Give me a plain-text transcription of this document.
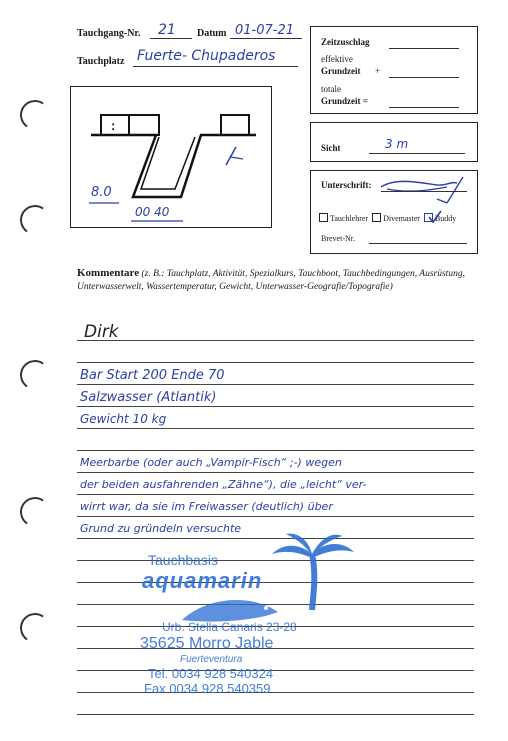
Tauchgang-Nr. 21 Datum 01-07-21
Tauchplatz Fuerte- Chupaderos
Zeitzuschlag
effektive
Grundzeit +
totale
Grundzeit =
:
8.0
00 40
Sicht	3 m
Unterschrift:
Tauchlehrer Divemaster Buddy
Brevet-Nr.
Kommentare (z. B.: Tauchplatz, Aktivität, Spezialkurs, Tauchboot, Tauchbedingungen, Ausrüstung, Unterwasserwelt, Wassertemperatur, Gewicht, Unterwasser-Geografie/Topografie)
Dirk
Bar Start 200 Ende 70
Salzwasser (Atlantik)
Gewicht 10 kg
Meerbarbe (oder auch „Vampir-Fisch“ ;-) wegen
der beiden ausfahrenden „Zähne“), die „leicht“ ver-
wirrt war, da sie im Freiwasser (deutlich) über
Grund zu gründeln versuchte
Tauchbasis
aquamarin
Urb. Stella Canaris 23-28
35625 Morro Jable
Fuerteventura
Tel. 0034 928 540324
Fax 0034 928 540359
